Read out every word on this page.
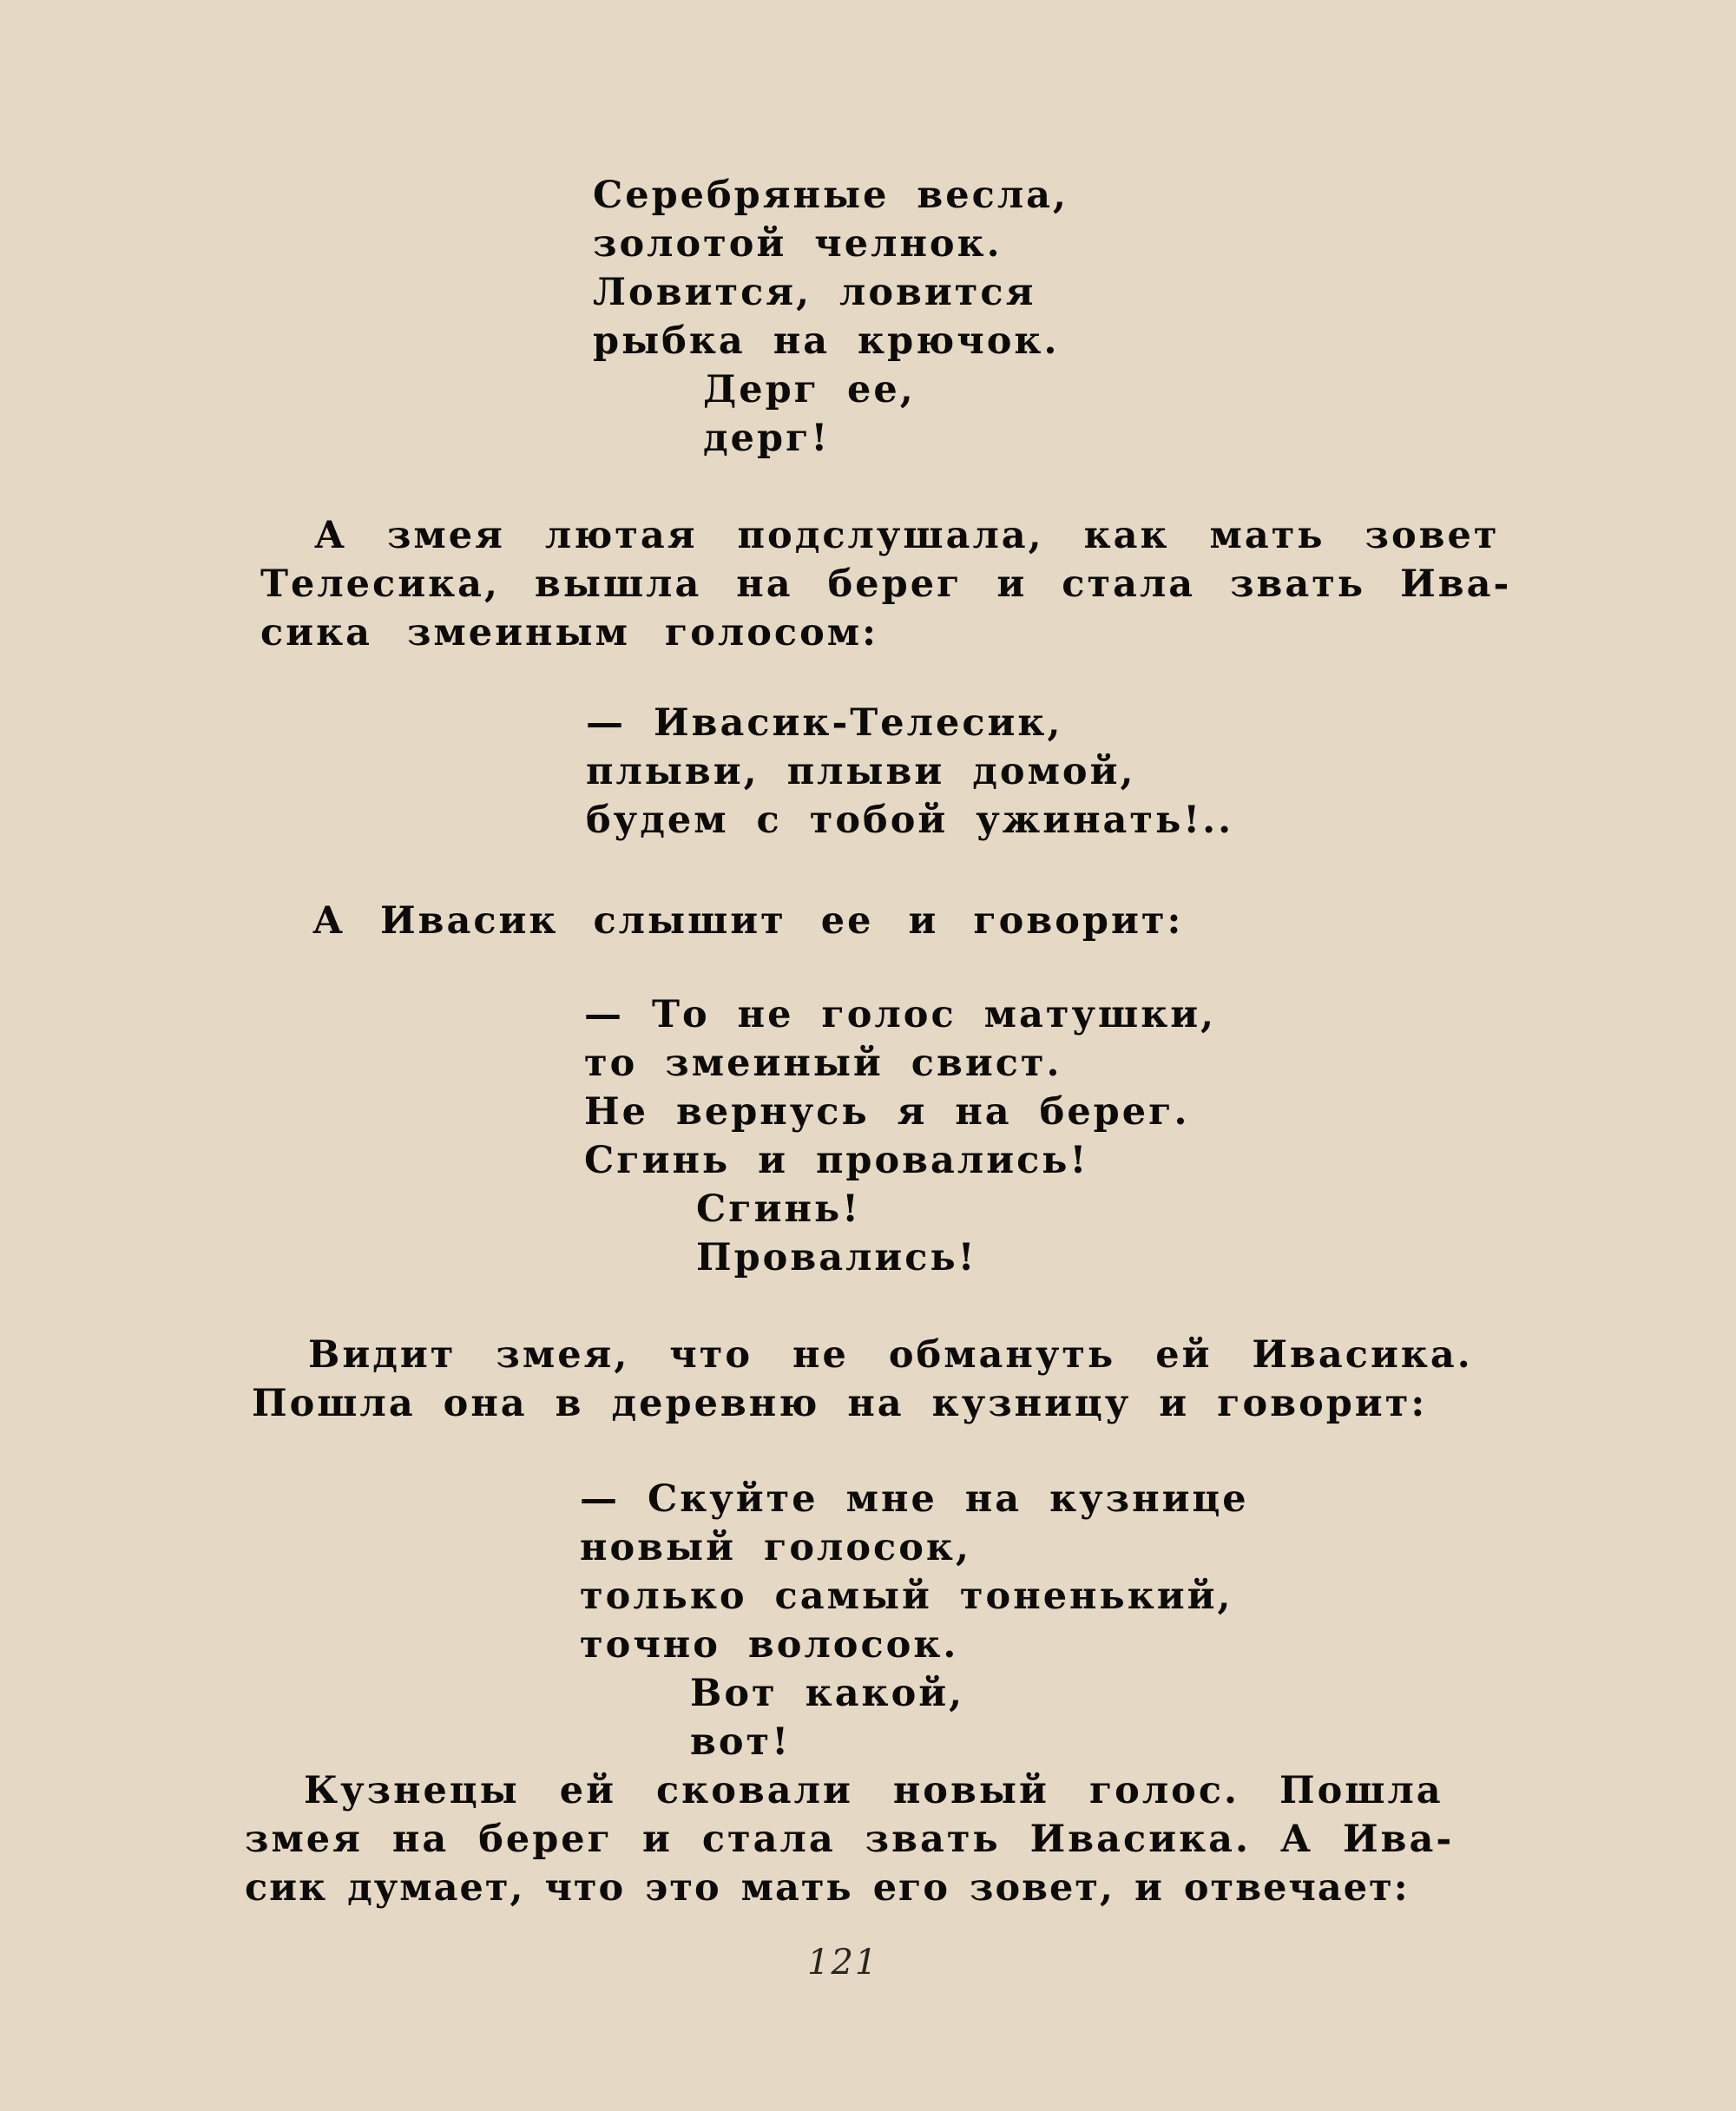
Серебряные весла,
золотой челнок.
Ловится, ловится
рыбка на крючок.
Дерг ее,
дерг!
А змея лютая подслушала, как мать зовет
Телесика, вышла на берег и стала звать Ива-
сика змеиным голосом:
— Ивасик-Телесик,
плыви, плыви домой,
будем с тобой ужинать!..
А Ивасик слышит ее и говорит:
— То не голос матушки,
то змеиный свист.
Не вернусь я на берег.
Сгинь и провались!
Сгинь!
Провались!
Видит змея, что не обмануть ей Ивасика.
Пошла она в деревню на кузницу и говорит:
— Скуйте мне на кузнице
новый голосок,
только самый тоненький,
точно волосок.
Вот какой,
вот!
Кузнецы ей сковали новый голос. Пошла
змея на берег и стала звать Ивасика. А Ива-
сик думает, что это мать его зовет, и отвечает:
121
